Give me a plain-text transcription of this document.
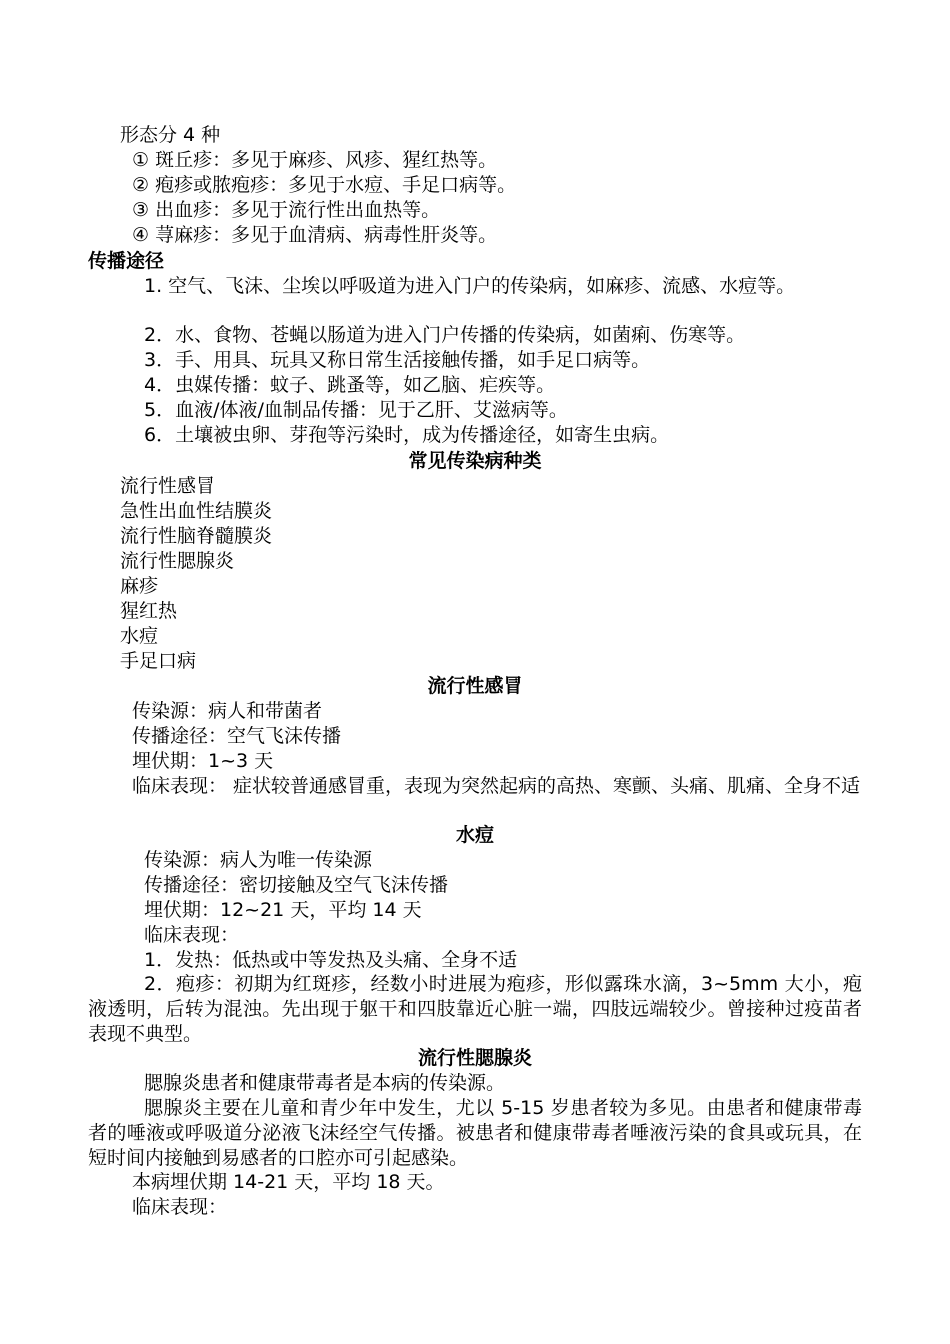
形态分 4 种
① 斑丘疹：多见于麻疹、风疹、猩红热等。
② 疱疹或脓疱疹：多见于水痘、手足口病等。
③ 出血疹：多见于流行性出血热等。
④ 荨麻疹：多见于血清病、病毒性肝炎等。
传播途径
1. 空气、飞沫、尘埃以呼吸道为进入门户的传染病，如麻疹、流感、水痘等。
2．水、食物、苍蝇以肠道为进入门户传播的传染病，如菌痢、伤寒等。
3．手、用具、玩具又称日常生活接触传播，如手足口病等。
4．虫媒传播：蚊子、跳蚤等，如乙脑、疟疾等。
5．血液/体液/血制品传播：见于乙肝、艾滋病等。
6．土壤被虫卵、芽孢等污染时，成为传播途径，如寄生虫病。
常见传染病种类
流行性感冒
急性出血性结膜炎
流行性脑脊髓膜炎
流行性腮腺炎
麻疹
猩红热
水痘
手足口病
流行性感冒
传染源：病人和带菌者
传播途径：空气飞沫传播
埋伏期：1~3 天
临床表现： 症状较普通感冒重，表现为突然起病的高热、寒颤、头痛、肌痛、全身不适
水痘
传染源：病人为唯一传染源
传播途径：密切接触及空气飞沫传播
埋伏期：12~21 天，平均 14 天
临床表现：
1．发热：低热或中等发热及头痛、全身不适
2．疱疹：初期为红斑疹，经数小时进展为疱疹，形似露珠水滴，3~5mm 大小，疱液透明，后转为混浊。先出现于躯干和四肢靠近心脏一端，四肢远端较少。曾接种过疫苗者表现不典型。
流行性腮腺炎
腮腺炎患者和健康带毒者是本病的传染源。
腮腺炎主要在儿童和青少年中发生，尤以 5-15 岁患者较为多见。由患者和健康带毒者的唾液或呼吸道分泌液飞沫经空气传播。被患者和健康带毒者唾液污染的食具或玩具，在短时间内接触到易感者的口腔亦可引起感染。
本病埋伏期 14-21 天，平均 18 天。
临床表现：
